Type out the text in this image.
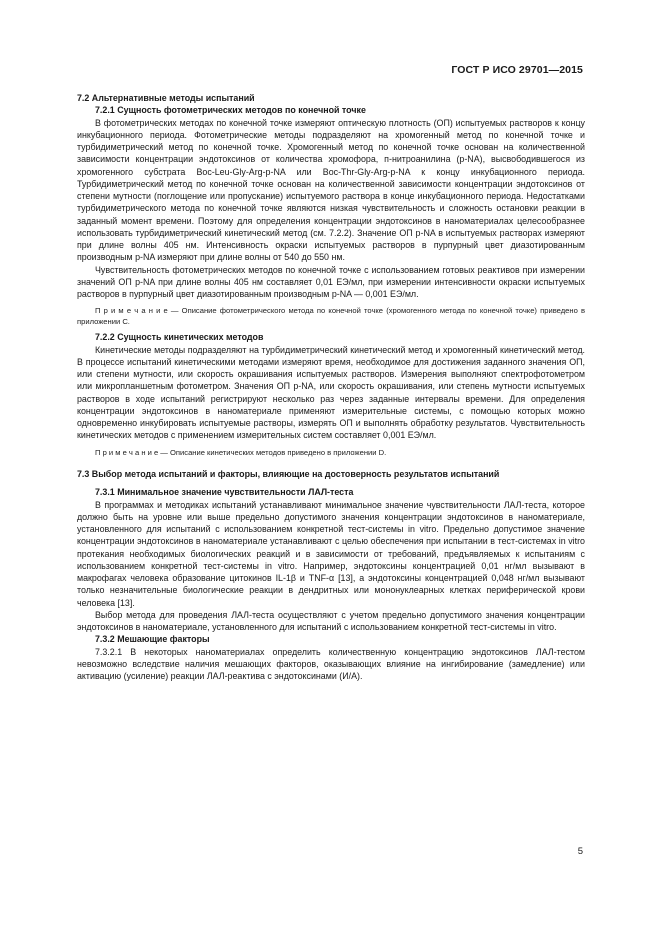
ГОСТ Р ИСО 29701—2015

7.2 Альтернативные методы испытаний

7.2.1 Сущность фотометрических методов по конечной точке

В фотометрических методах по конечной точке измеряют оптическую плотность (ОП) испытуемых растворов к концу инкубационного периода. Фотометрические методы подразделяют на хромогенный метод по конечной точке и турбидиметрический метод по конечной точке. Хромогенный метод по конечной точке основан на количественной зависимости концентрации эндотоксинов от количества хромофора, п-нитроанилина (p-NA), высвободившегося из хромогенного субстрата Boc-Leu-Gly-Arg-p-NA или Boc-Thr-Gly-Arg-p-NA к концу инкубационного периода. Турбидиметрический метод по конечной точке основан на количественной зависимости концентрации эндотоксинов от степени мутности (поглощение или пропускание) испытуемого раствора в конце инкубационного периода. Недостатками турбидиметрического метода по конечной точке являются низкая чувствительность и сложность остановки реакции в заданный момент времени. Поэтому для определения концентрации эндотоксинов в наноматериалах целесообразнее использовать турбидиметрический кинетический метод (см. 7.2.2). Значение ОП p-NA в испытуемых растворах измеряют при длине волны 405 нм. Интенсивность окраски испытуемых растворов в пурпурный цвет диазотированным производным p-NA измеряют при длине волны от 540 до 550 нм.

Чувствительность фотометрических методов по конечной точке с использованием готовых реактивов при измерении значений ОП p-NA при длине волны 405 нм составляет 0,01 ЕЭ/мл, при измерении интенсивности окраски испытуемых растворов в пурпурный цвет диазотированным производным p-NA — 0,001 ЕЭ/мл.

П р и м е ч а н и е — Описание фотометрического метода по конечной точке (хромогенного метода по конечной точке) приведено в приложении С.

7.2.2 Сущность кинетических методов

Кинетические методы подразделяют на турбидиметрический кинетический метод и хромогенный кинетический метод. В процессе испытаний кинетическими методами измеряют время, необходимое для достижения заданного значения ОП, или степени мутности, или скорость окрашивания испытуемых растворов. Измерения выполняют спектрофотометром или микропланшетным фотометром. Значения ОП p-NA, или скорость окрашивания, или степень мутности испытуемых растворов в ходе испытаний регистрируют несколько раз через заданные интервалы времени. Для определения концентрации эндотоксинов в наноматериале применяют измерительные системы, с помощью которых можно одновременно инкубировать испытуемые растворы, измерять ОП и выполнять обработку результатов. Чувствительность кинетических методов с применением измерительных систем составляет 0,001 ЕЭ/мл.

П р и м е ч а н и е — Описание кинетических методов приведено в приложении D.

7.3 Выбор метода испытаний и факторы, влияющие на достоверность результатов испытаний

7.3.1 Минимальное значение чувствительности ЛАЛ-теста

В программах и методиках испытаний устанавливают минимальное значение чувствительности ЛАЛ-теста, которое должно быть на уровне или выше предельно допустимого значения концентрации эндотоксинов в наноматериале, установленного для испытаний с использованием конкретной тест-системы in vitro. Предельно допустимое значение концентрации эндотоксинов в наноматериале устанавливают с целью обеспечения при испытании в тест-системах in vitro протекания необходимых биологических реакций и в зависимости от требований, предъявляемых к испытаниям с использованием конкретной тест-системы in vitro. Например, эндотоксины концентрацией 0,01 нг/мл вызывают в макрофагах человека образование цитокинов IL-1β и TNF-α [13], а эндотоксины концентрацией 0,048 нг/мл вызывают только незначительные биологические реакции в дендритных или мононуклеарных клетках периферической крови человека [13].

Выбор метода для проведения ЛАЛ-теста осуществляют с учетом предельно допустимого значения концентрации эндотоксинов в наноматериале, установленного для испытаний с использованием конкретной тест-системы in vitro.

7.3.2 Мешающие факторы

7.3.2.1 В некоторых наноматериалах определить количественную концентрацию эндотоксинов ЛАЛ-тестом невозможно вследствие наличия мешающих факторов, оказывающих влияние на ингибирование (замедление) или активацию (усиление) реакции ЛАЛ-реактива с эндотоксинами (И/А).

5
